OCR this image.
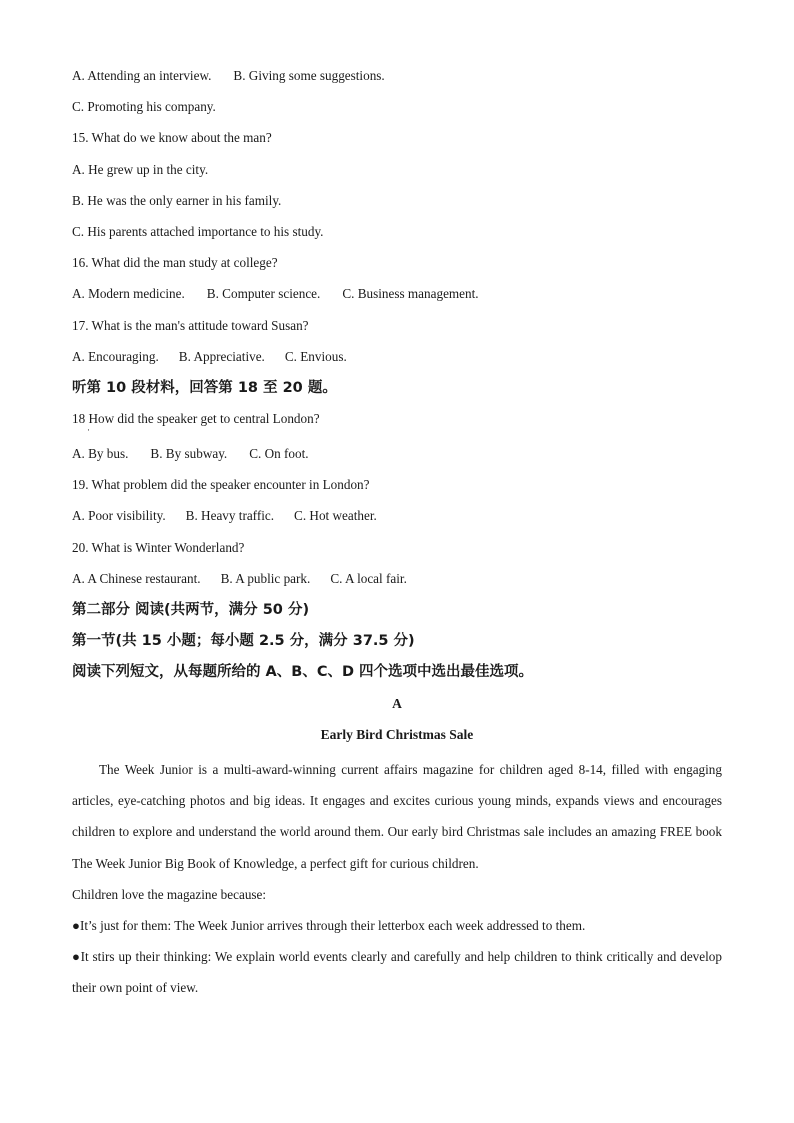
A. Attending an interview. B. Giving some suggestions.
C. Promoting his company.
15. What do we know about the man?
A. He grew up in the city.
B. He was the only earner in his family.
C. His parents attached importance to his study.
16. What did the man study at college?
A. Modern medicine. B. Computer science. C. Business management.
17. What is the man's attitude toward Susan?
A. Encouraging. B. Appreciative. C. Envious.
听第 10 段材料，回答第 18 至 20 题。
18 How did the speaker get to central London?
·
A. By bus. B. By subway. C. On foot.
19. What problem did the speaker encounter in London?
A. Poor visibility. B. Heavy traffic. C. Hot weather.
20. What is Winter Wonderland?
A. A Chinese restaurant. B. A public park. C. A local fair.
第二部分 阅读(共两节，满分 50 分)
第一节(共 15 小题；每小题 2.5 分，满分 37.5 分)
阅读下列短文，从每题所给的 A、B、C、D 四个选项中选出最佳选项。
A
Early Bird Christmas Sale
The Week Junior is a multi-award-winning current affairs magazine for children aged 8-14, filled with engaging articles, eye-catching photos and big ideas. It engages and excites curious young minds, expands views and encourages children to explore and understand the world around them. Our early bird Christmas sale includes an amazing FREE book The Week Junior Big Book of Knowledge, a perfect gift for curious children.
Children love the magazine because:
●It’s just for them: The Week Junior arrives through their letterbox each week addressed to them.
●It stirs up their thinking: We explain world events clearly and carefully and help children to think critically and develop their own point of view.
